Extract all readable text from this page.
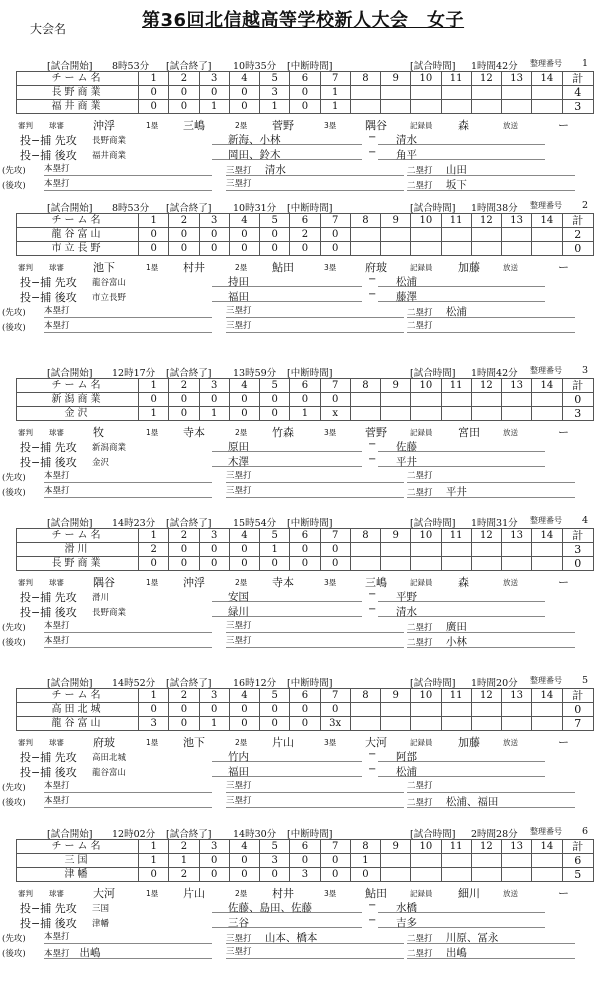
大会名	第36回北信越高等学校新人大会　女子
[試合開始] 8時53分 [試合終了] 10時35分 [中断時間]	[試合時間] 1時間42分 整理番号 1
チーム名	1	2	3	4	5	6	7	8	9	10	11	12	13	14	計
長野商業	0	0	0	0	3	0	1								4
福井商業	0	0	1	0	1	0	1								3
審判 球審	沖浮	1塁 三嶋	2塁 菅野	3塁	隅谷	記録員 森	放送	ー
投−捕 先攻 長野商業	新海、小林	−	清水
投−捕 後攻 福井商業	岡田、鈴木	−	角平
(先攻) 本塁打	三塁打 清水	二塁打 山田
(後攻) 本塁打	三塁打	二塁打 坂下
[試合開始] 8時53分 [試合終了] 10時31分 [中断時間]	[試合時間] 1時間38分 整理番号 2
チーム名	1	2	3	4	5	6	7	8	9	10	11	12	13	14	計
龍谷富山	0	0	0	0	0	2	0								2
市立長野	0	0	0	0	0	0	0								0
審判 球審	池下	1塁 村井	2塁 鮎田	3塁	府玻	記録員 加藤	放送	ー
投−捕 先攻 龍谷富山	持田	−	松浦
投−捕 後攻 市立長野	福田	−	藤澤
(先攻) 本塁打	三塁打	二塁打 松浦
(後攻) 本塁打	三塁打	二塁打
[試合開始] 12時17分 [試合終了] 13時59分 [中断時間]	[試合時間] 1時間42分 整理番号 3
チーム名	1	2	3	4	5	6	7	8	9	10	11	12	13	14	計
新潟商業	0	0	0	0	0	0	0								0
金沢	1	0	1	0	0	1	x								3
審判 球審	牧	1塁 寺本	2塁 竹森	3塁	菅野	記録員 宮田	放送	ー
投−捕 先攻 新潟商業	原田	−	佐藤
投−捕 後攻 金沢	木澤	−	平井
(先攻) 本塁打	三塁打	二塁打
(後攻) 本塁打	三塁打	二塁打 平井
[試合開始] 14時23分 [試合終了] 15時54分 [中断時間]	[試合時間] 1時間31分 整理番号 4
チーム名	1	2	3	4	5	6	7	8	9	10	11	12	13	14	計
滑川	2	0	0	0	1	0	0								3
長野商業	0	0	0	0	0	0	0								0
審判 球審	隅谷	1塁 沖浮	2塁 寺本	3塁	三嶋	記録員 森	放送	ー
投−捕 先攻 滑川	安国	−	平野
投−捕 後攻 長野商業	緑川	−	清水
(先攻) 本塁打	三塁打	二塁打 廣田
(後攻) 本塁打	三塁打	二塁打 小林
[試合開始] 14時52分 [試合終了] 16時12分 [中断時間]	[試合時間] 1時間20分 整理番号 5
チーム名	1	2	3	4	5	6	7	8	9	10	11	12	13	14	計
高田北城	0	0	0	0	0	0	0								0
龍谷富山	3	0	1	0	0	0	3x								7
審判 球審	府玻	1塁 池下	2塁 片山	3塁	大河	記録員 加藤	放送	ー
投−捕 先攻 高田北城	竹内	−	阿部
投−捕 後攻 龍谷富山	福田	−	松浦
(先攻) 本塁打	三塁打	二塁打
(後攻) 本塁打	三塁打	二塁打 松浦、福田
[試合開始] 12時02分 [試合終了] 14時30分 [中断時間]	[試合時間] 2時間28分 整理番号 6
チーム名	1	2	3	4	5	6	7	8	9	10	11	12	13	14	計
三国	1	1	0	0	3	0	0	1							6
津幡	0	2	0	0	0	3	0	0							5
審判 球審	大河	1塁 片山	2塁 村井	3塁	鮎田	記録員 細川	放送	ー
投−捕 先攻 三国	佐藤、島田、佐藤	−	水橋
投−捕 後攻 津幡	三谷	−	吉多
(先攻) 本塁打	三塁打 山本、橋本	二塁打 川原、冨永
(後攻) 本塁打 出嶋	三塁打	二塁打 出嶋
